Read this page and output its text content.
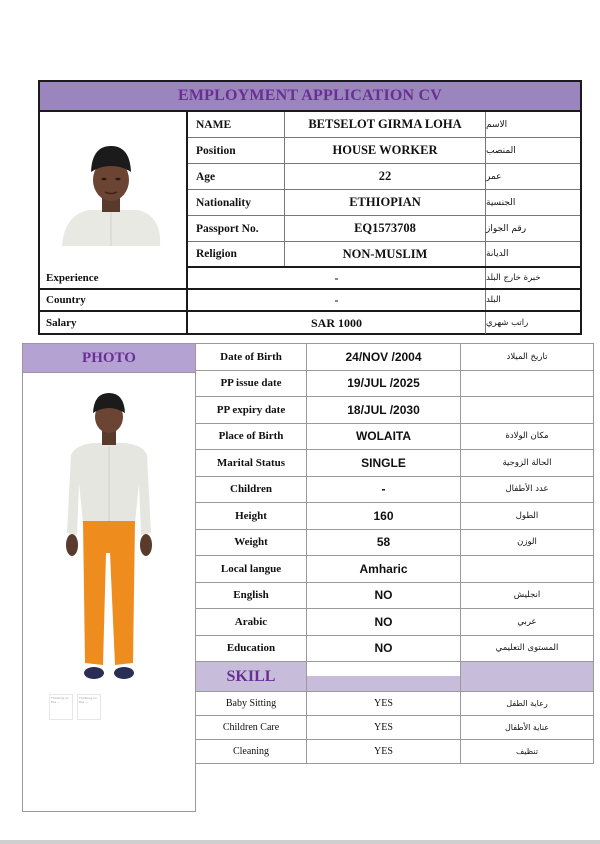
EMPLOYMENT APPLICATION CV
NAME	BETSELOT GIRMA LOHA	الاسم
Position	HOUSE WORKER	المنصب
Age	22	عمر
Nationality	ETHIOPIAN	الجنسية
Passport No.	EQ1573708	رقم الجواز
Religion	NON-MUSLIM	الديانة
Experience	-	خبرة خارج البلد
Country	-	البلد
Salary	SAR 1000	راتب شهري
PHOTO
Thinking on the ...
Thinking on the ...
Date of Birth	24/NOV /2004	تاريخ الميلاد
PP issue date	19/JUL /2025
PP expiry date	18/JUL /2030
Place of Birth	WOLAITA	مكان الولادة
Marital Status	SINGLE	الحالة الزوجية
Children	-	عدد الأطفال
Height	160	الطول
Weight	58	الوزن
Local langue	Amharic
English	NO	انجليش
Arabic	NO	عربي
Education	NO	المستوى التعليمي
SKILL
Baby Sitting	YES	رعاية الطفل
Children Care	YES	عناية الأطفال
Cleaning	YES	تنظيف
